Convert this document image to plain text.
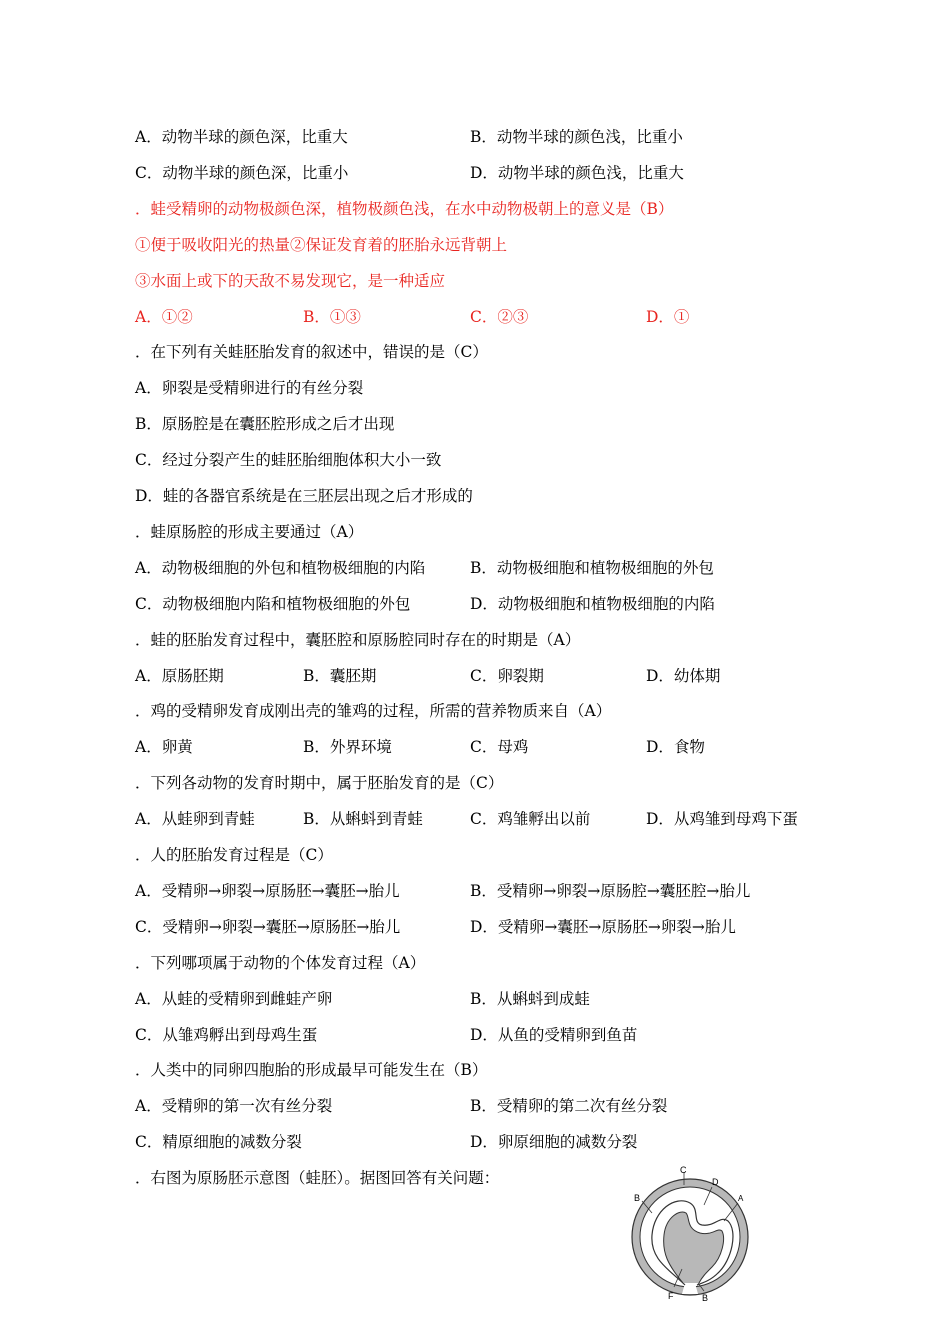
A．动物半球的颜色深，比重大	B．动物半球的颜色浅，比重小
C．动物半球的颜色深，比重小	D．动物半球的颜色浅，比重大
．蛙受精卵的动物极颜色深，植物极颜色浅，在水中动物极朝上的意义是（B）
①便于吸收阳光的热量②保证发育着的胚胎永远背朝上
③水面上或下的天敌不易发现它，是一种适应
A．①②	B．①③	C．②③	D．①
．在下列有关蛙胚胎发育的叙述中，错误的是（C）
A．卵裂是受精卵进行的有丝分裂
B．原肠腔是在囊胚腔形成之后才出现
C．经过分裂产生的蛙胚胎细胞体积大小一致
D．蛙的各器官系统是在三胚层出现之后才形成的
．蛙原肠腔的形成主要通过（A）
A．动物极细胞的外包和植物极细胞的内陷	B．动物极细胞和植物极细胞的外包
C．动物极细胞内陷和植物极细胞的外包	D．动物极细胞和植物极细胞的内陷
．蛙的胚胎发育过程中，囊胚腔和原肠腔同时存在的时期是（A）
A．原肠胚期	B．囊胚期	C．卵裂期	D．幼体期
．鸡的受精卵发育成刚出壳的雏鸡的过程，所需的营养物质来自（A）
A．卵黄	B．外界环境	C．母鸡	D．食物
．下列各动物的发育时期中，属于胚胎发育的是（C）
A．从蛙卵到青蛙	B．从蝌蚪到青蛙	C．鸡雏孵出以前	D．从鸡雏到母鸡下蛋
．人的胚胎发育过程是（C）
A．受精卵→卵裂→原肠胚→囊胚→胎儿	B．受精卵→卵裂→原肠腔→囊胚腔→胎儿
C．受精卵→卵裂→囊胚→原肠胚→胎儿	D．受精卵→囊胚→原肠胚→卵裂→胎儿
．下列哪项属于动物的个体发育过程（A）
A．从蛙的受精卵到雌蛙产卵	B．从蝌蚪到成蛙
C．从雏鸡孵出到母鸡生蛋	D．从鱼的受精卵到鱼苗
．人类中的同卵四胞胎的形成最早可能发生在（B）
A．受精卵的第一次有丝分裂	B．受精卵的第二次有丝分裂
C．精原细胞的减数分裂	D．卵原细胞的减数分裂
．右图为原肠胚示意图（蛙胚）。据图回答有关问题：	C
D
B	A
F	B
